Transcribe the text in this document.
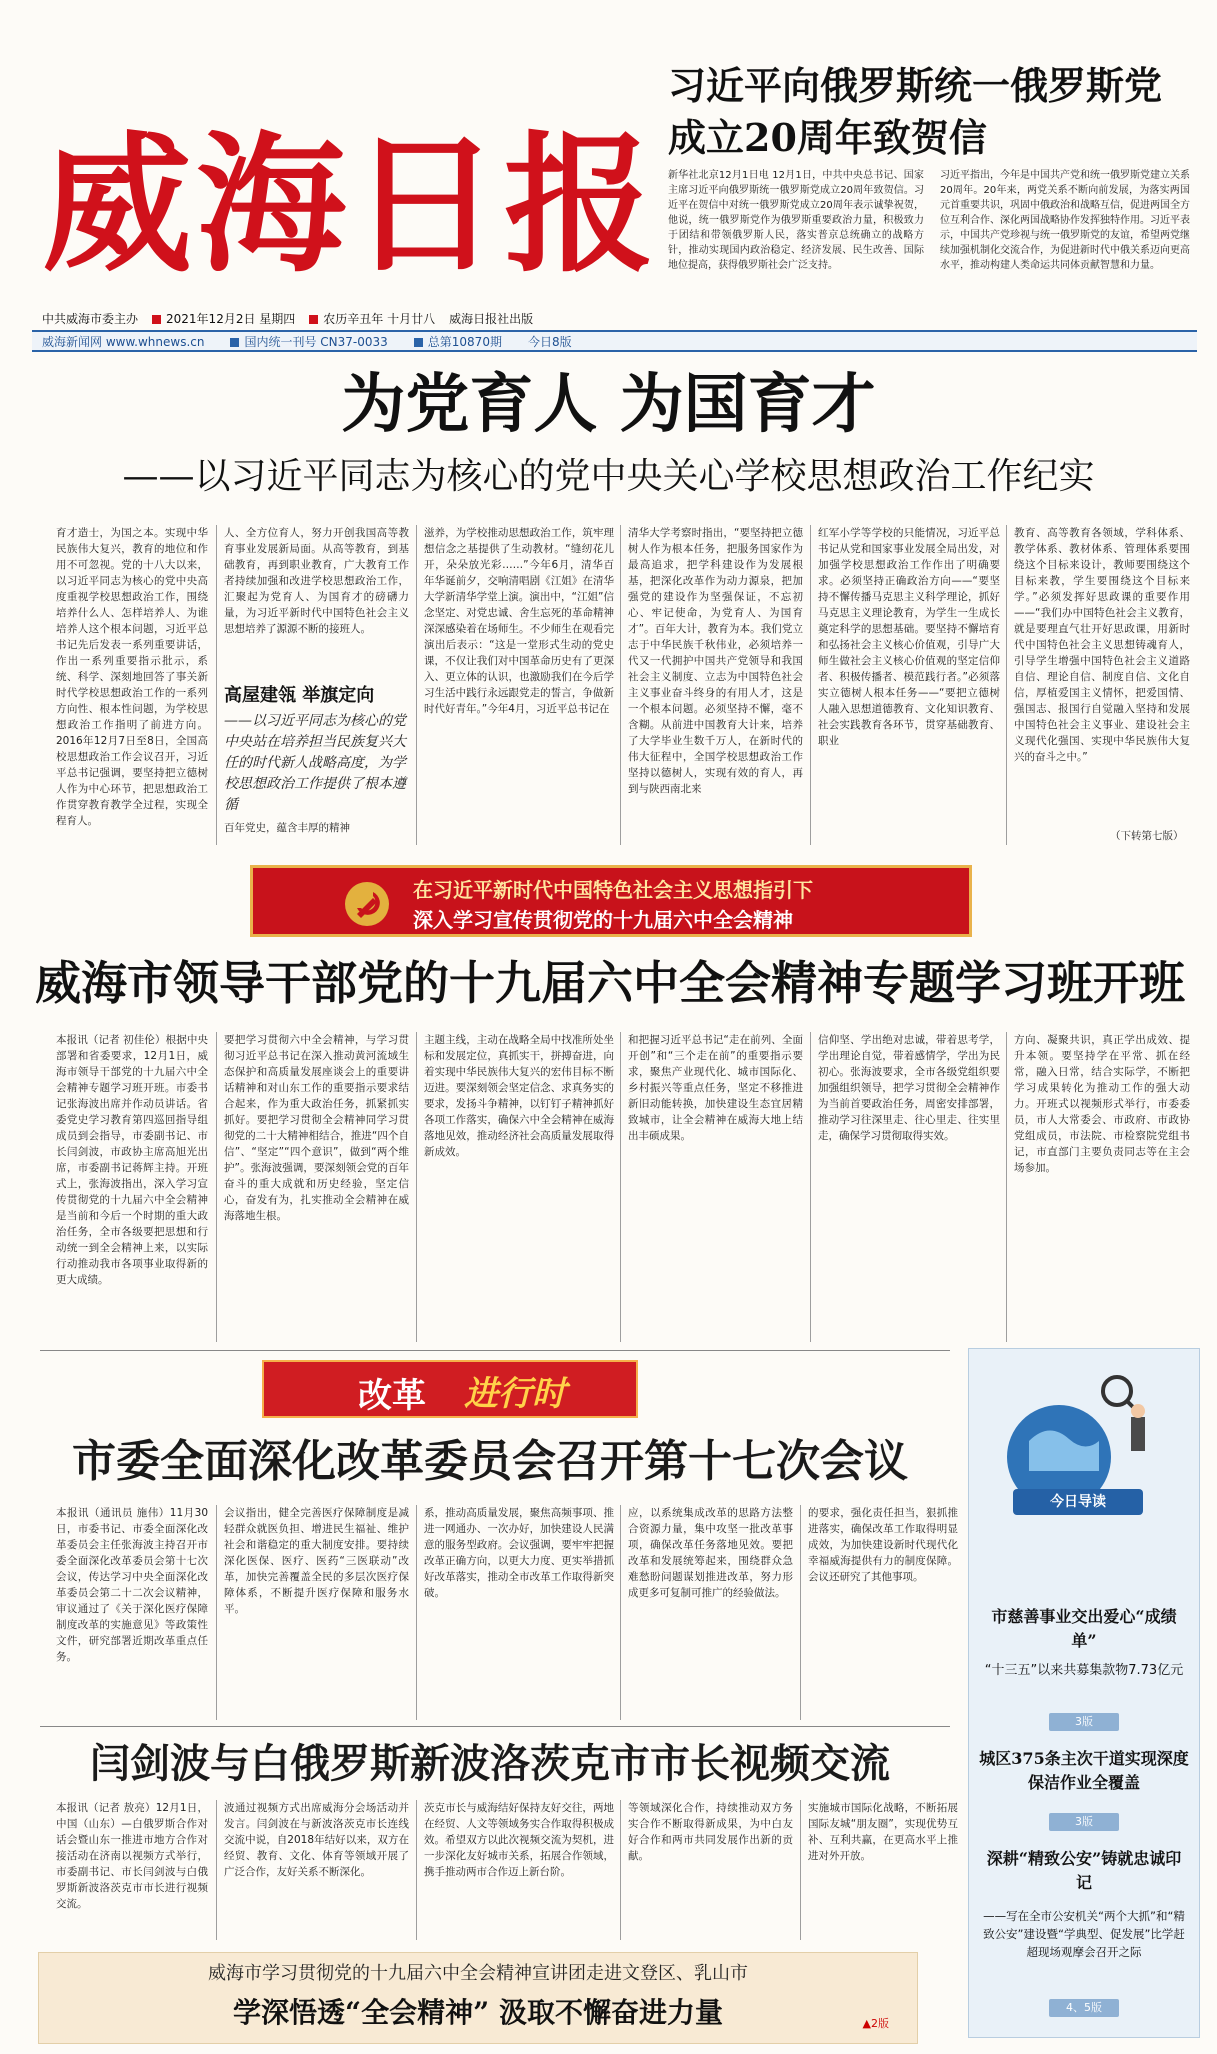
威海日报
习近平向俄罗斯统一俄罗斯党成立20周年致贺信
新华社北京12月1日电 12月1日，中共中央总书记、国家主席习近平向俄罗斯统一俄罗斯党成立20周年致贺信。习近平在贺信中对统一俄罗斯党成立20周年表示诚挚祝贺，他说，统一俄罗斯党作为俄罗斯重要政治力量，积极致力于团结和带领俄罗斯人民，落实普京总统确立的战略方针，推动实现国内政治稳定、经济发展、民生改善、国际地位提高，获得俄罗斯社会广泛支持。
习近平指出，今年是中国共产党和统一俄罗斯党建立关系20周年。20年来，两党关系不断向前发展，为落实两国元首重要共识，巩固中俄政治和战略互信，促进两国全方位互利合作、深化两国战略协作发挥独特作用。习近平表示，中国共产党珍视与统一俄罗斯党的友谊，希望两党继续加强机制化交流合作，为促进新时代中俄关系迈向更高水平，推动构建人类命运共同体贡献智慧和力量。
中共威海市委主办	2021年12月2日 星期四	农历辛丑年 十月廿八 威海日报社出版
威海新闻网 www.whnews.cn	国内统一刊号 CN37-0033	总第10870期 今日8版
为党育人 为国育才
——以习近平同志为核心的党中央关心学校思想政治工作纪实
育才造士，为国之本。实现中华民族伟大复兴，教育的地位和作用不可忽视。党的十八大以来，以习近平同志为核心的党中央高度重视学校思想政治工作，围绕培养什么人、怎样培养人、为谁培养人这个根本问题，习近平总书记先后发表一系列重要讲话，作出一系列重要指示批示，系统、科学、深刻地回答了事关新时代学校思想政治工作的一系列方向性、根本性问题，为学校思想政治工作指明了前进方向。2016年12月7日至8日，全国高校思想政治工作会议召开，习近平总书记强调，要坚持把立德树人作为中心环节，把思想政治工作贯穿教育教学全过程，实现全程育人。
人、全方位育人，努力开创我国高等教育事业发展新局面。从高等教育，到基础教育，再到职业教育，广大教育工作者持续加强和改进学校思想政治工作，汇聚起为党育人、为国育才的磅礴力量，为习近平新时代中国特色社会主义思想培养了源源不断的接班人。
高屋建瓴 举旗定向
——以习近平同志为核心的党中央站在培养担当民族复兴大任的时代新人战略高度，为学校思想政治工作提供了根本遵循
百年党史，蕴含丰厚的精神
滋养，为学校推动思想政治工作，筑牢理想信念之基提供了生动教材。“缝纫花儿开，朵朵放光彩……”今年6月，清华百年华诞前夕，交响清唱剧《江姐》在清华大学新清华学堂上演。演出中，“江姐”信念坚定、对党忠诚、舍生忘死的革命精神深深感染着在场师生。不少师生在观看完演出后表示：“这是一堂形式生动的党史课，不仅让我们对中国革命历史有了更深入、更立体的认识，也激励我们在今后学习生活中践行永远跟党走的誓言，争做新时代好青年。”今年4月，习近平总书记在
清华大学考察时指出，“要坚持把立德树人作为根本任务，把服务国家作为最高追求，把学科建设作为发展根基，把深化改革作为动力源泉，把加强党的建设作为坚强保证，不忘初心、牢记使命，为党育人、为国育才”。百年大计，教育为本。我们党立志于中华民族千秋伟业，必须培养一代又一代拥护中国共产党领导和我国社会主义制度、立志为中国特色社会主义事业奋斗终身的有用人才，这是一个根本问题。必须坚持不懈，毫不含糊。从前进中国教育大计来，培养了大学毕业生数千万人，在新时代的伟大征程中，全国学校思想政治工作坚持以德树人，实现有效的育人，再到与陕西南北来
红军小学等学校的只能情况，习近平总书记从党和国家事业发展全局出发，对加强学校思想政治工作作出了明确要求。必须坚持正确政治方向——“要坚持不懈传播马克思主义科学理论，抓好马克思主义理论教育，为学生一生成长奠定科学的思想基础。要坚持不懈培育和弘扬社会主义核心价值观，引导广大师生做社会主义核心价值观的坚定信仰者、积极传播者、模范践行者。”必须落实立德树人根本任务——“要把立德树人融入思想道德教育、文化知识教育、社会实践教育各环节，贯穿基础教育、职业
教育、高等教育各领域，学科体系、教学体系、教材体系、管理体系要围绕这个目标来设计，教师要围绕这个目标来教，学生要围绕这个目标来学。”必须发挥好思政课的重要作用——“我们办中国特色社会主义教育，就是要理直气壮开好思政课，用新时代中国特色社会主义思想铸魂育人，引导学生增强中国特色社会主义道路自信、理论自信、制度自信、文化自信，厚植爱国主义情怀，把爱国情、强国志、报国行自觉融入坚持和发展中国特色社会主义事业、建设社会主义现代化强国、实现中华民族伟大复兴的奋斗之中。”
（下转第七版）
在习近平新时代中国特色社会主义思想指引下
深入学习宣传贯彻党的十九届六中全会精神
威海市领导干部党的十九届六中全会精神专题学习班开班
本报讯（记者 初佳伦）根据中央部署和省委要求，12月1日，威海市领导干部党的十九届六中全会精神专题学习班开班。市委书记张海波出席并作动员讲话。省委党史学习教育第四巡回指导组成员到会指导，市委副书记、市长闫剑波，市政协主席高旭光出席，市委副书记蒋辉主持。开班式上，张海波指出，深入学习宣传贯彻党的十九届六中全会精神是当前和今后一个时期的重大政治任务，全市各级要把思想和行动统一到全会精神上来，以实际行动推动我市各项事业取得新的更大成绩。
要把学习贯彻六中全会精神，与学习贯彻习近平总书记在深入推动黄河流域生态保护和高质量发展座谈会上的重要讲话精神和对山东工作的重要指示要求结合起来，作为重大政治任务，抓紧抓实抓好。要把学习贯彻全会精神同学习贯彻党的二十大精神相结合，推进“四个自信”、“坚定”“四个意识”，做到“两个维护”。张海波强调，要深刻领会党的百年奋斗的重大成就和历史经验，坚定信心，奋发有为，扎实推动全会精神在威海落地生根。
主题主线，主动在战略全局中找准所处坐标和发展定位，真抓实干，拼搏奋进，向着实现中华民族伟大复兴的宏伟目标不断迈进。要深刻领会坚定信念、求真务实的要求，发扬斗争精神，以钉钉子精神抓好各项工作落实，确保六中全会精神在威海落地见效，推动经济社会高质量发展取得新成效。
和把握习近平总书记“走在前列、全面开创”和“三个走在前”的重要指示要求，聚焦产业现代化、城市国际化、乡村振兴等重点任务，坚定不移推进新旧动能转换，加快建设生态宜居精致城市，让全会精神在威海大地上结出丰硕成果。
信仰坚、学出绝对忠诚，带着思考学，学出理论自觉，带着感情学，学出为民初心。张海波要求，全市各级党组织要加强组织领导，把学习贯彻全会精神作为当前首要政治任务，周密安排部署，推动学习往深里走、往心里走、往实里走，确保学习贯彻取得实效。
方向、凝聚共识，真正学出成效、提升本领。要坚持学在平常、抓在经常，融入日常，结合实际学，不断把学习成果转化为推动工作的强大动力。开班式以视频形式举行，市委委员，市人大常委会、市政府、市政协党组成员，市法院、市检察院党组书记，市直部门主要负责同志等在主会场参加。
改革 进行时
市委全面深化改革委员会召开第十七次会议
本报讯（通讯员 施伟）11月30日，市委书记、市委全面深化改革委员会主任张海波主持召开市委全面深化改革委员会第十七次会议，传达学习中央全面深化改革委员会第二十二次会议精神，审议通过了《关于深化医疗保障制度改革的实施意见》等政策性文件，研究部署近期改革重点任务。
会议指出，健全完善医疗保障制度是减轻群众就医负担、增进民生福祉、维护社会和谐稳定的重大制度安排。要持续深化医保、医疗、医药“三医联动”改革，加快完善覆盖全民的多层次医疗保障体系，不断提升医疗保障和服务水平。
系，推动高质量发展，聚焦高频事项、推进一网通办、一次办好，加快建设人民满意的服务型政府。会议强调，要牢牢把握改革正确方向，以更大力度、更实举措抓好改革落实，推动全市改革工作取得新突破。
应，以系统集成改革的思路方法整合资源力量，集中攻坚一批改革事项，确保改革任务落地见效。要把改革和发展统筹起来，围绕群众急难愁盼问题谋划推进改革，努力形成更多可复制可推广的经验做法。
的要求，强化责任担当，狠抓推进落实，确保改革工作取得明显成效，为加快建设新时代现代化幸福威海提供有力的制度保障。会议还研究了其他事项。
闫剑波与白俄罗斯新波洛茨克市市长视频交流
本报讯（记者 敖亮）12月1日，中国（山东）—白俄罗斯合作对话会暨山东一推进市地方合作对接活动在济南以视频方式举行，市委副书记、市长闫剑波与白俄罗斯新波洛茨克市市长进行视频交流。
波通过视频方式出席威海分会场活动并发言。闫剑波在与新波洛茨克市长连线交流中说，自2018年结好以来，双方在经贸、教育、文化、体育等领域开展了广泛合作，友好关系不断深化。
茨克市长与威海结好保持友好交往，两地在经贸、人文等领域务实合作取得积极成效。希望双方以此次视频交流为契机，进一步深化友好城市关系，拓展合作领域，携手推动两市合作迈上新台阶。
等领域深化合作，持续推动双方务实合作不断取得新成果，为中白友好合作和两市共同发展作出新的贡献。
实施城市国际化战略，不断拓展国际友城“朋友圈”，实现优势互补、互利共赢，在更高水平上推进对外开放。
今日导读
市慈善事业交出爱心“成绩单”
“十三五”以来共募集款物7.73亿元
3版
城区375条主次干道实现深度保洁作业全覆盖
3版
深耕“精致公安”铸就忠诚印记
——写在全市公安机关“两个大抓”和“精致公安”建设暨“学典型、促发展”比学赶超现场观摩会召开之际
4、5版
威海市学习贯彻党的十九届六中全会精神宣讲团走进文登区、乳山市
学深悟透“全会精神” 汲取不懈奋进力量	▲2版
